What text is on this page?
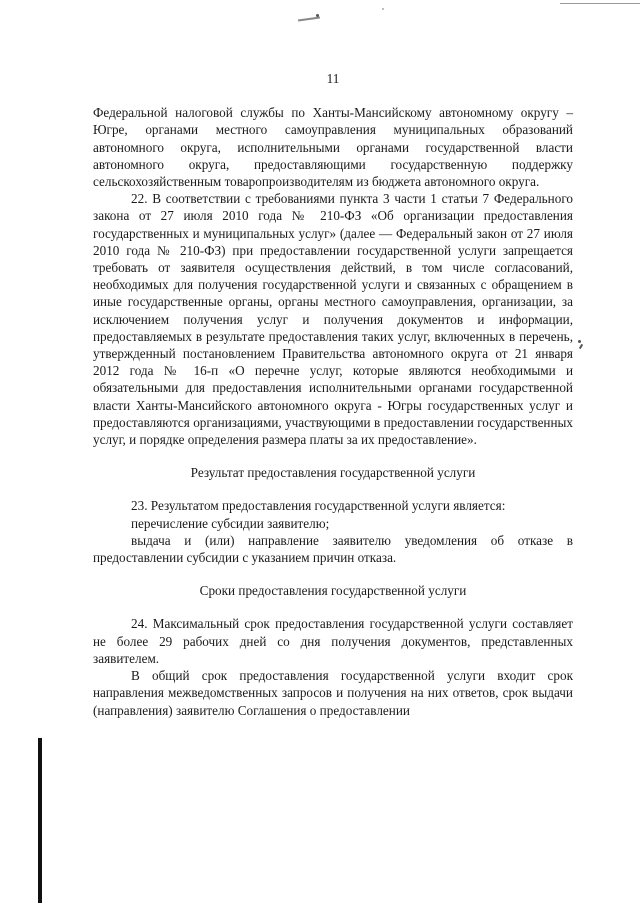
11

Федеральной налоговой службы по Ханты-Мансийскому автономному округу – Югре, органами местного самоуправления муниципальных образований автономного округа, исполнительными органами государственной власти автономного округа, предоставляющими государственную поддержку сельскохозяйственным товаропроизводителям из бюджета автономного округа.

22. В соответствии с требованиями пункта 3 части 1 статьи 7 Федерального закона от 27 июля 2010 года № 210-ФЗ «Об организации предоставления государственных и муниципальных услуг» (далее — Федеральный закон от 27 июля 2010 года № 210-ФЗ) при предоставлении государственной услуги запрещается требовать от заявителя осуществления действий, в том числе согласований, необходимых для получения государственной услуги и связанных с обращением в иные государственные органы, органы местного самоуправления, организации, за исключением получения услуг и получения документов и информации, предоставляемых в результате предоставления таких услуг, включенных в перечень, утвержденный постановлением Правительства автономного округа от 21 января 2012 года № 16-п «О перечне услуг, которые являются необходимыми и обязательными для предоставления исполнительными органами государственной власти Ханты-Мансийского автономного округа - Югры государственных услуг и предоставляются организациями, участвующими в предоставлении государственных услуг, и порядке определения размера платы за их предоставление».

Результат предоставления государственной услуги

23. Результатом предоставления государственной услуги является:

перечисление субсидии заявителю;

выдача и (или) направление заявителю уведомления об отказе в предоставлении субсидии с указанием причин отказа.

Сроки предоставления государственной услуги

24. Максимальный срок предоставления государственной услуги составляет не более 29 рабочих дней со дня получения документов, представленных заявителем.

В общий срок предоставления государственной услуги входит срок направления межведомственных запросов и получения на них ответов, срок выдачи (направления) заявителю Соглашения о предоставлении
